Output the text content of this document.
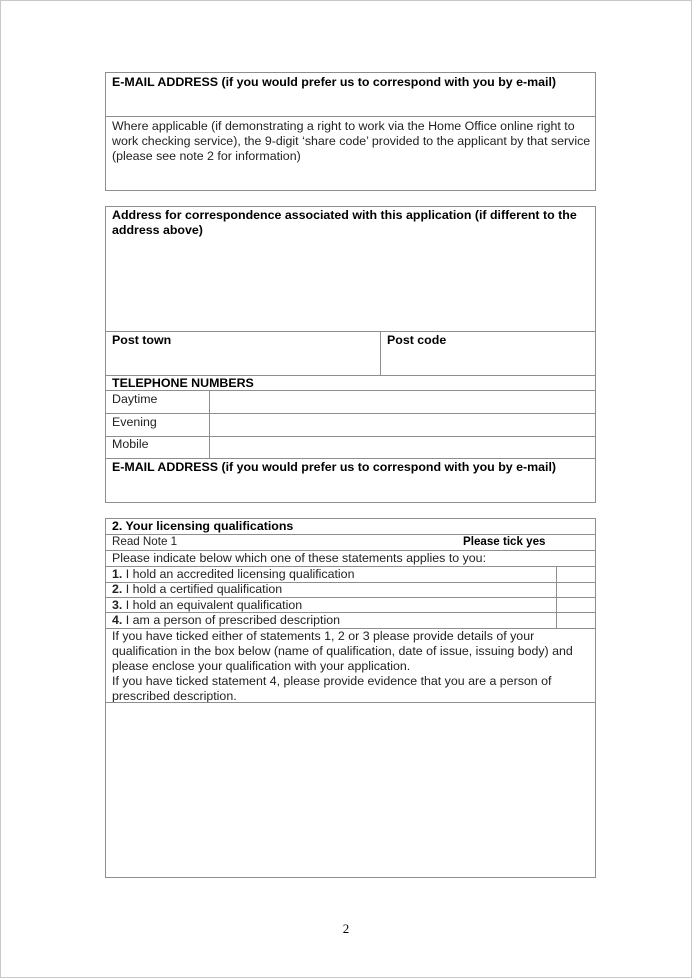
E-MAIL ADDRESS (if you would prefer us to correspond with you by e-mail)
Where applicable (if demonstrating a right to work via the Home Office online right to work checking service), the 9-digit ‘share code’ provided to the applicant by that service (please see note 2 for information)
Address for correspondence associated with this application (if different to the address above)
Post town	Post code
TELEPHONE NUMBERS
Daytime
Evening
Mobile
E-MAIL ADDRESS (if you would prefer us to correspond with you by e-mail)
2. Your licensing qualifications
Read Note 1	Please tick yes
Please indicate below which one of these statements applies to you:
1. I hold an accredited licensing qualification
2. I hold a certified qualification
3. I hold an equivalent qualification
4. I am a person of prescribed description
If you have ticked either of statements 1, 2 or 3 please provide details of your qualification in the box below (name of qualification, date of issue, issuing body) and please enclose your qualification with your application.
If you have ticked statement 4, please provide evidence that you are a person of prescribed description.
2
